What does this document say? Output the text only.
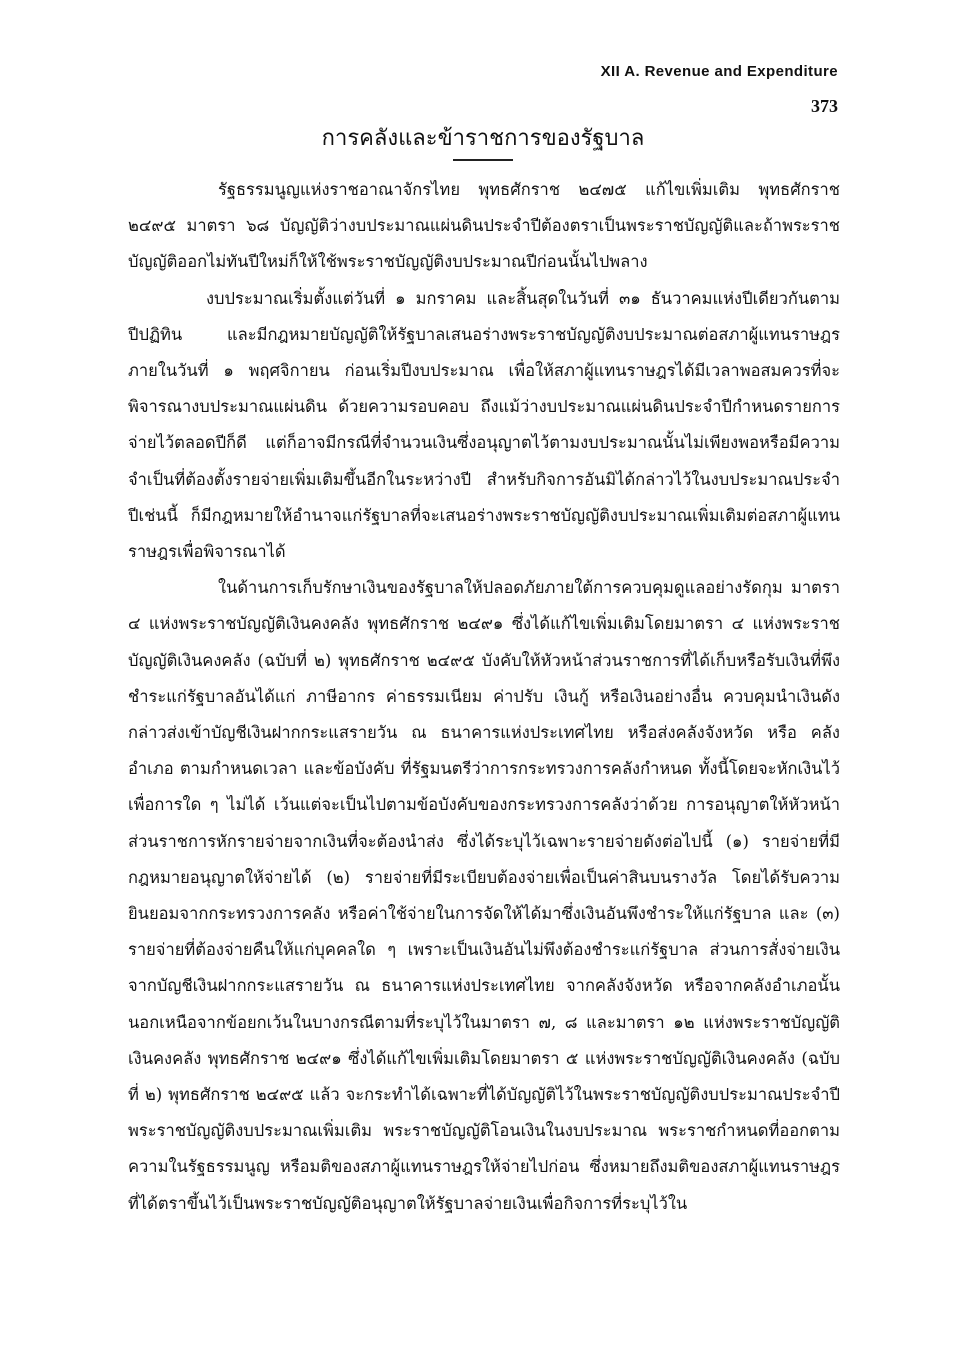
XII A. Revenue and Expenditure
373
การคลังและข้าราชการของรัฐบาล

รัฐธรรมนูญแห่งราชอาณาจักรไทย พุทธศักราช ๒๔๗๕ แก้ไขเพิ่มเติม พุทธศักราช ๒๔๙๕ มาตรา ๖๘ บัญญัติว่างบประมาณแผ่นดินประจำปีต้องตราเป็นพระราชบัญญัติและถ้าพระราชบัญญัติออกไม่ทันปีใหม่ก็ให้ใช้พระราชบัญญัติงบประมาณปีก่อนนั้นไปพลาง

งบประมาณเริ่มตั้งแต่วันที่ ๑ มกราคม และสิ้นสุดในวันที่ ๓๑ ธันวาคมแห่งปีเดียวกันตามปีปฏิทิน และมีกฎหมายบัญญัติให้รัฐบาลเสนอร่างพระราชบัญญัติงบประมาณต่อสภาผู้แทนราษฎรภายในวันที่ ๑ พฤศจิกายน ก่อนเริ่มปีงบประมาณ เพื่อให้สภาผู้แทนราษฎรได้มีเวลาพอสมควรที่จะพิจารณางบประมาณแผ่นดิน ด้วยความรอบคอบ ถึงแม้ว่างบประมาณแผ่นดินประจำปีกำหนดรายการจ่ายไว้ตลอดปีก็ดี แต่ก็อาจมีกรณีที่จำนวนเงินซึ่งอนุญาตไว้ตามงบประมาณนั้นไม่เพียงพอหรือมีความจำเป็นที่ต้องตั้งรายจ่ายเพิ่มเติมขึ้นอีกในระหว่างปี สำหรับกิจการอันมิได้กล่าวไว้ในงบประมาณประจำปีเช่นนี้ ก็มีกฎหมายให้อำนาจแก่รัฐบาลที่จะเสนอร่างพระราชบัญญัติงบประมาณเพิ่มเติมต่อสภาผู้แทนราษฎรเพื่อพิจารณาได้

ในด้านการเก็บรักษาเงินของรัฐบาลให้ปลอดภัยภายใต้การควบคุมดูแลอย่างรัดกุม มาตรา ๔ แห่งพระราชบัญญัติเงินคงคลัง พุทธศักราช ๒๔๙๑ ซึ่งได้แก้ไขเพิ่มเติมโดยมาตรา ๔ แห่งพระราชบัญญัติเงินคงคลัง (ฉบับที่ ๒) พุทธศักราช ๒๔๙๕ บังคับให้หัวหน้าส่วนราชการที่ได้เก็บหรือรับเงินที่พึงชำระแก่รัฐบาลอันได้แก่ ภาษีอากร ค่าธรรมเนียม ค่าปรับ เงินกู้ หรือเงินอย่างอื่น ควบคุมนำเงินดังกล่าวส่งเข้าบัญชีเงินฝากกระแสรายวัน ณ ธนาคารแห่งประเทศไทย หรือส่งคลังจังหวัด หรือ คลังอำเภอ ตามกำหนดเวลา และข้อบังคับ ที่รัฐมนตรีว่าการกระทรวงการคลังกำหนด ทั้งนี้โดยจะหักเงินไว้เพื่อการใด ๆ ไม่ได้ เว้นแต่จะเป็นไปตามข้อบังคับของกระทรวงการคลังว่าด้วย การอนุญาตให้หัวหน้าส่วนราชการหักรายจ่ายจากเงินที่จะต้องนำส่ง ซึ่งได้ระบุไว้เฉพาะรายจ่ายดังต่อไปนี้ (๑) รายจ่ายที่มีกฎหมายอนุญาตให้จ่ายได้ (๒) รายจ่ายที่มีระเบียบต้องจ่ายเพื่อเป็นค่าสินบนรางวัล โดยได้รับความยินยอมจากกระทรวงการคลัง หรือค่าใช้จ่ายในการจัดให้ได้มาซึ่งเงินอันพึงชำระให้แก่รัฐบาล และ (๓) รายจ่ายที่ต้องจ่ายคืนให้แก่บุคคลใด ๆ เพราะเป็นเงินอันไม่พึงต้องชำระแก่รัฐบาล ส่วนการสั่งจ่ายเงิน จากบัญชีเงินฝากกระแสรายวัน ณ ธนาคารแห่งประเทศไทย จากคลังจังหวัด หรือจากคลังอำเภอนั้น นอกเหนือจากข้อยกเว้นในบางกรณีตามที่ระบุไว้ในมาตรา ๗, ๘ และมาตรา ๑๒ แห่งพระราชบัญญัติเงินคงคลัง พุทธศักราช ๒๔๙๑ ซึ่งได้แก้ไขเพิ่มเติมโดยมาตรา ๕ แห่งพระราชบัญญัติเงินคงคลัง (ฉบับที่ ๒) พุทธศักราช ๒๔๙๕ แล้ว จะกระทำได้เฉพาะที่ได้บัญญัติไว้ในพระราชบัญญัติงบประมาณประจำปี พระราชบัญญัติงบประมาณเพิ่มเติม พระราชบัญญัติโอนเงินในงบประมาณ พระราชกำหนดที่ออกตามความในรัฐธรรมนูญ หรือมติของสภาผู้แทนราษฎรให้จ่ายไปก่อน ซึ่งหมายถึงมติของสภาผู้แทนราษฎรที่ได้ตราขึ้นไว้เป็นพระราชบัญญัติอนุญาตให้รัฐบาลจ่ายเงินเพื่อกิจการที่ระบุไว้ใน
